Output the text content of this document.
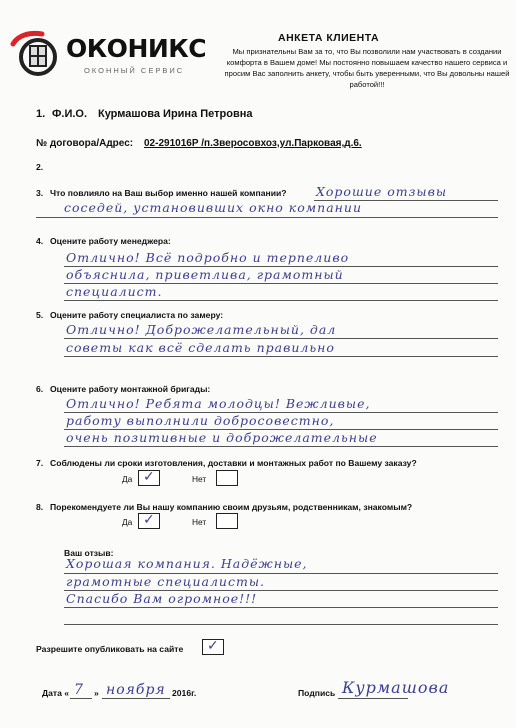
ОКОНИКС
ОКОННЫЙ СЕРВИС
АНКЕТА КЛИЕНТА
Мы признательны Вам за то, что Вы позволили нам участвовать в создании комфорта в Вашем доме! Мы постоянно повышаем качество нашего сервиса и просим Вас заполнить анкету, чтобы быть уверенными, что Вы довольны нашей работой!!!
1. Ф.И.О. Курмашова Ирина Петровна
№ договора/Адрес: 02-291016Р /п.Зверосовхоз,ул.Парковая,д.6.
2.
3. Что повлияло на Ваш выбор именно нашей компании? Хорошие отзывы
соседей, установивших окно компании
4. Оцените работу менеджера:
Отлично! Всё подробно и терпеливо
объяснила, приветлива, грамотный
специалист.
5. Оцените работу специалиста по замеру:
Отлично! Доброжелательный, дал
советы как всё сделать правильно
6. Оцените работу монтажной бригады:
Отлично! Ребята молодцы! Вежливые,
работу выполнили добросовестно,
очень позитивные и доброжелательные
7. Соблюдены ли сроки изготовления, доставки и монтажных работ по Вашему заказу?
Да ✓	Нет
8. Порекомендуете ли Вы нашу компанию своим друзьям, родственникам, знакомым?
Да ✓	Нет
Ваш отзыв:
Хорошая компания. Надёжные,
грамотные специалисты.
Спасибо Вам огромное!!!
Разрешите опубликовать на сайте ✓
Дата « 7 » ноября 2016г.	Подпись Курмашова
